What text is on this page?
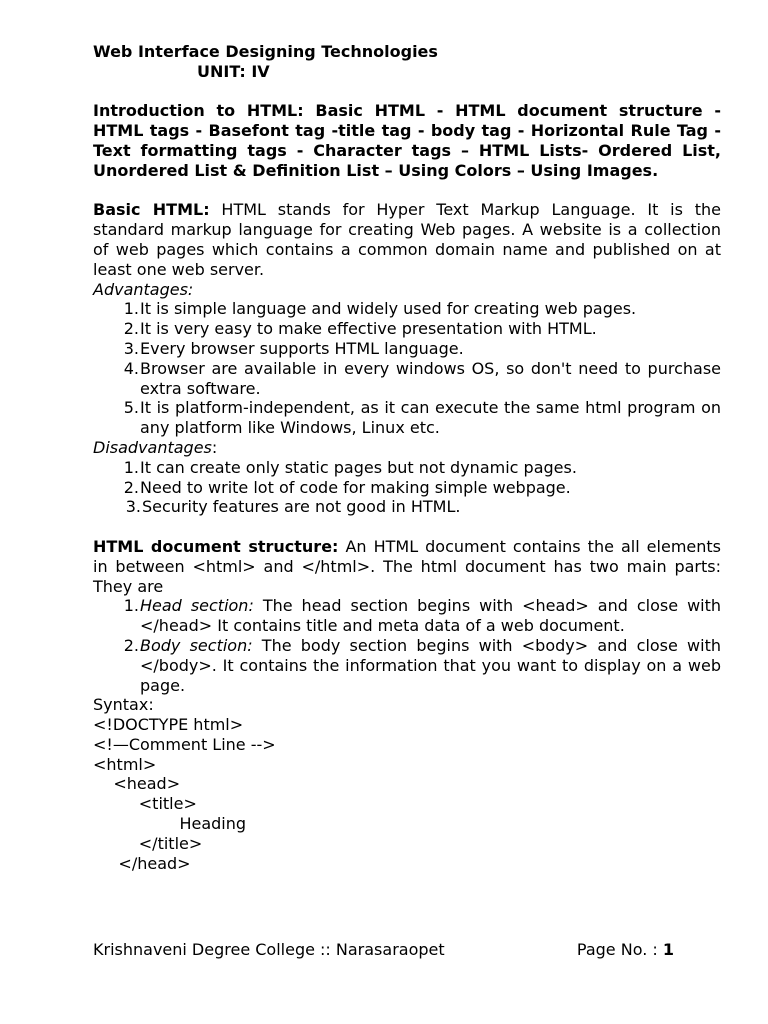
Web Interface Designing Technologies
UNIT: IV
Introduction to HTML: Basic HTML - HTML document structure - HTML tags - Basefont tag -title tag - body tag - Horizontal Rule Tag - Text formatting tags - Character tags – HTML Lists- Ordered List, Unordered List & Definition List – Using Colors – Using Images.
Basic HTML: HTML stands for Hyper Text Markup Language. It is the standard markup language for creating Web pages. A website is a collection of web pages which contains a common domain name and published on at least one web server.
Advantages:
1. It is simple language and widely used for creating web pages.
2. It is very easy to make effective presentation with HTML.
3. Every browser supports HTML language.
4. Browser are available in every windows OS, so don't need to purchase extra software.
5. It is platform-independent, as it can execute the same html program on any platform like Windows, Linux etc.
Disadvantages:
1. It can create only static pages but not dynamic pages.
2. Need to write lot of code for making simple webpage.
3. Security features are not good in HTML.
HTML document structure: An HTML document contains the all elements in between <html> and </html>. The html document has two main parts: They are
1. Head section: The head section begins with <head> and close with </head> It contains title and meta data of a web document.
2. Body section: The body section begins with <body> and close with </body>. It contains the information that you want to display on a web page.
Syntax:
<!DOCTYPE html>
<!—Comment Line -->
<html>
<head>
<title>
Heading
</title>
</head>
Krishnaveni Degree College :: Narasaraopet	Page No. : 1
